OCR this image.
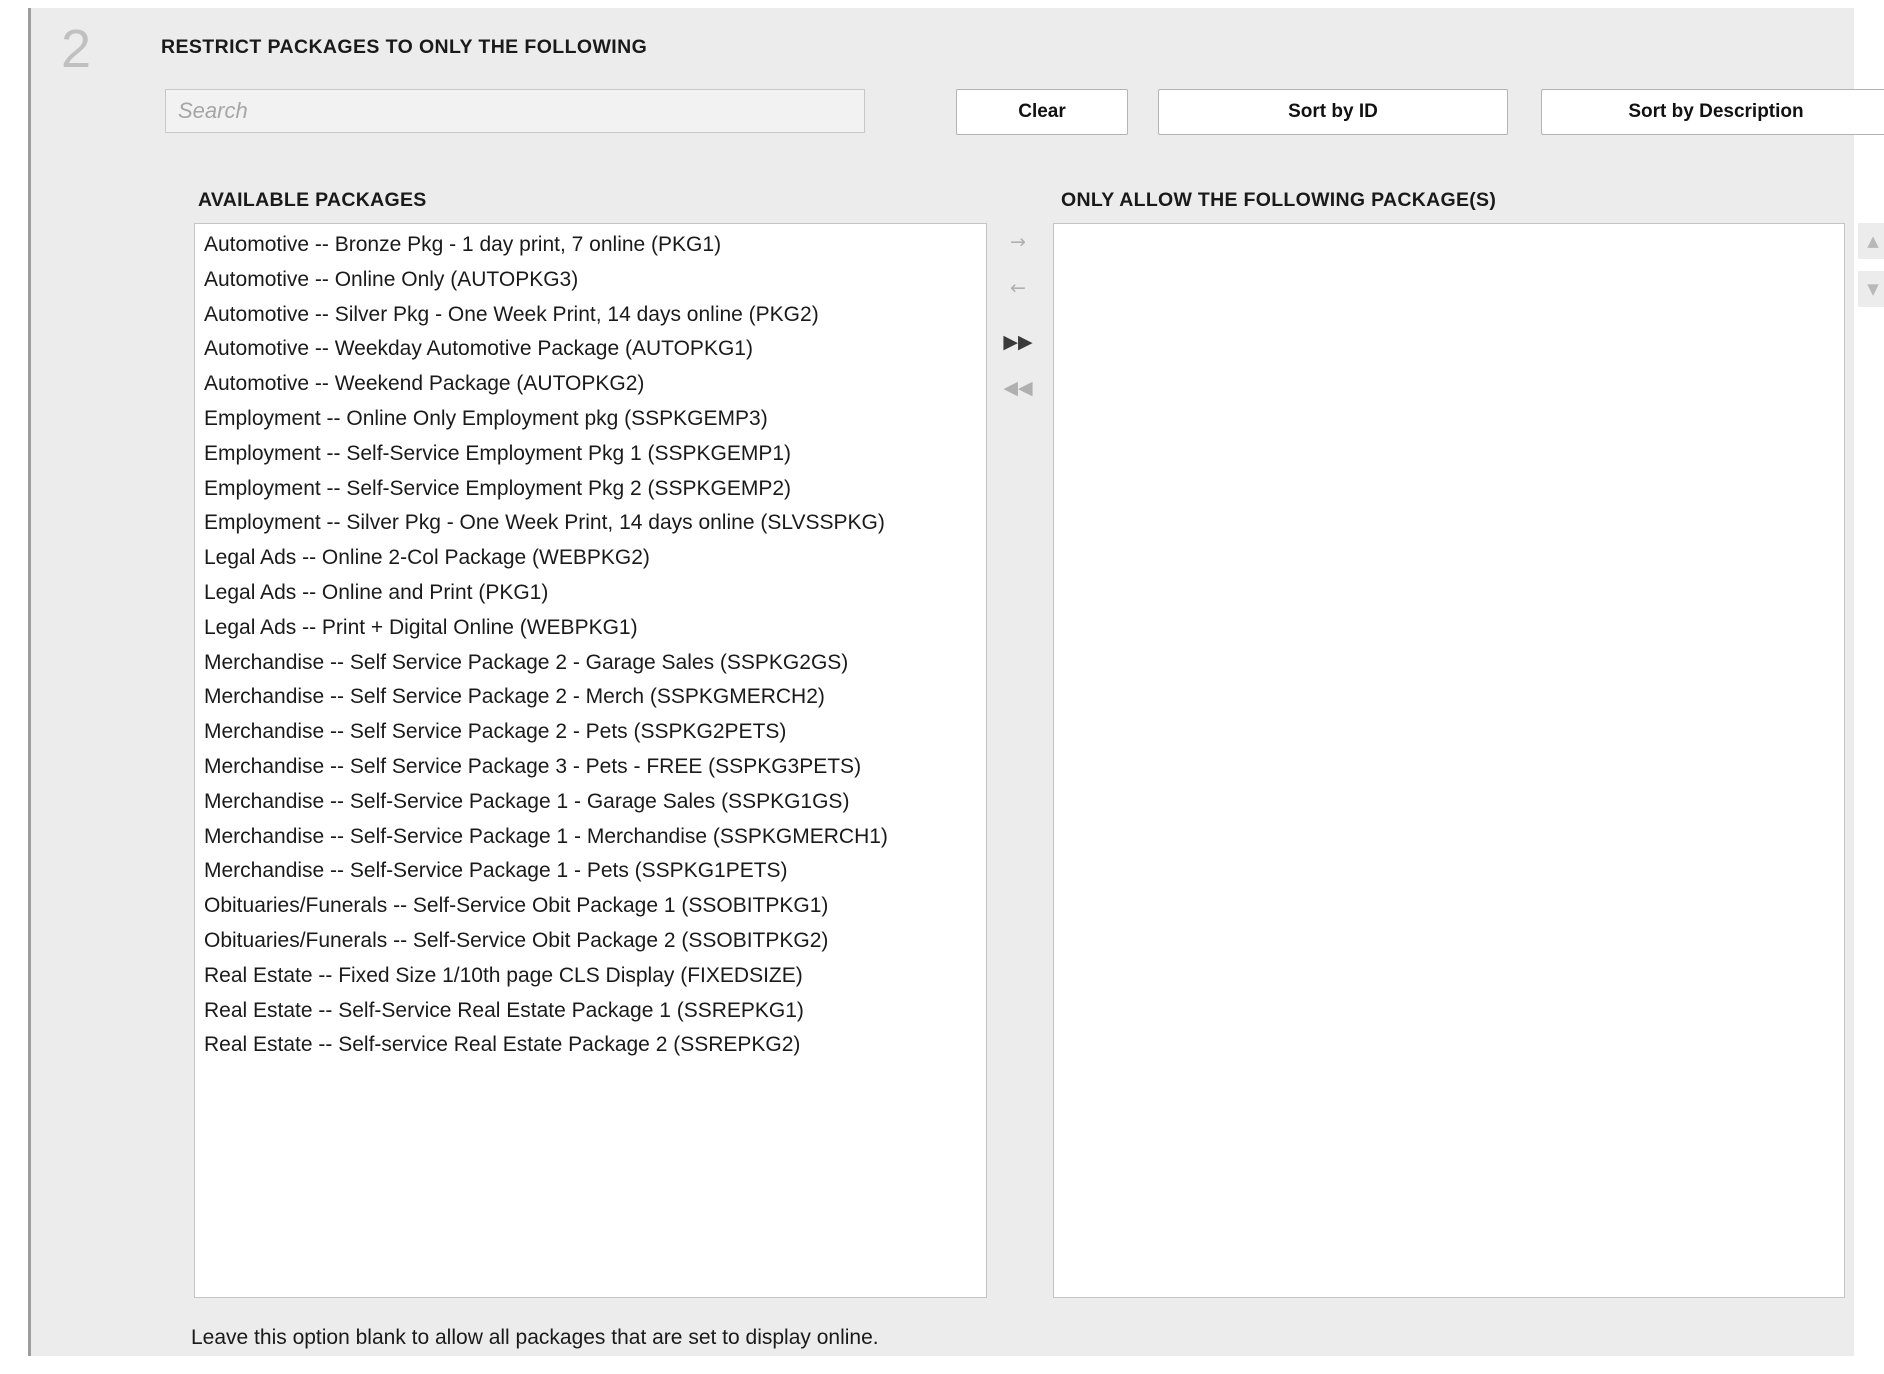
2	RESTRICT PACKAGES TO ONLY THE FOLLOWING
Search
Clear	Sort by ID	Sort by Description
AVAILABLE PACKAGES	ONLY ALLOW THE FOLLOWING PACKAGE(S)
Automotive -- Bronze Pkg - 1 day print, 7 online (PKG1)
Automotive -- Online Only (AUTOPKG3)
Automotive -- Silver Pkg - One Week Print, 14 days online (PKG2)
Automotive -- Weekday Automotive Package (AUTOPKG1)
Automotive -- Weekend Package (AUTOPKG2)
Employment -- Online Only Employment pkg (SSPKGEMP3)
Employment -- Self-Service Employment Pkg 1 (SSPKGEMP1)
Employment -- Self-Service Employment Pkg 2 (SSPKGEMP2)
Employment -- Silver Pkg - One Week Print, 14 days online (SLVSSPKG)
Legal Ads -- Online 2-Col Package (WEBPKG2)
Legal Ads -- Online and Print (PKG1)
Legal Ads -- Print + Digital Online (WEBPKG1)
Merchandise -- Self Service Package 2 - Garage Sales (SSPKG2GS)
Merchandise -- Self Service Package 2 - Merch (SSPKGMERCH2)
Merchandise -- Self Service Package 2 - Pets (SSPKG2PETS)
Merchandise -- Self Service Package 3 - Pets - FREE (SSPKG3PETS)
Merchandise -- Self-Service Package 1 - Garage Sales (SSPKG1GS)
Merchandise -- Self-Service Package 1 - Merchandise (SSPKGMERCH1)
Merchandise -- Self-Service Package 1 - Pets (SSPKG1PETS)
Obituaries/Funerals -- Self-Service Obit Package 1 (SSOBITPKG1)
Obituaries/Funerals -- Self-Service Obit Package 2 (SSOBITPKG2)
Real Estate -- Fixed Size 1/10th page CLS Display (FIXEDSIZE)
Real Estate -- Self-Service Real Estate Package 1 (SSREPKG1)
Real Estate -- Self-service Real Estate Package 2 (SSREPKG2)
→ ←
▶▶ ◀◀
▲ ▼
Leave this option blank to allow all packages that are set to display online.
